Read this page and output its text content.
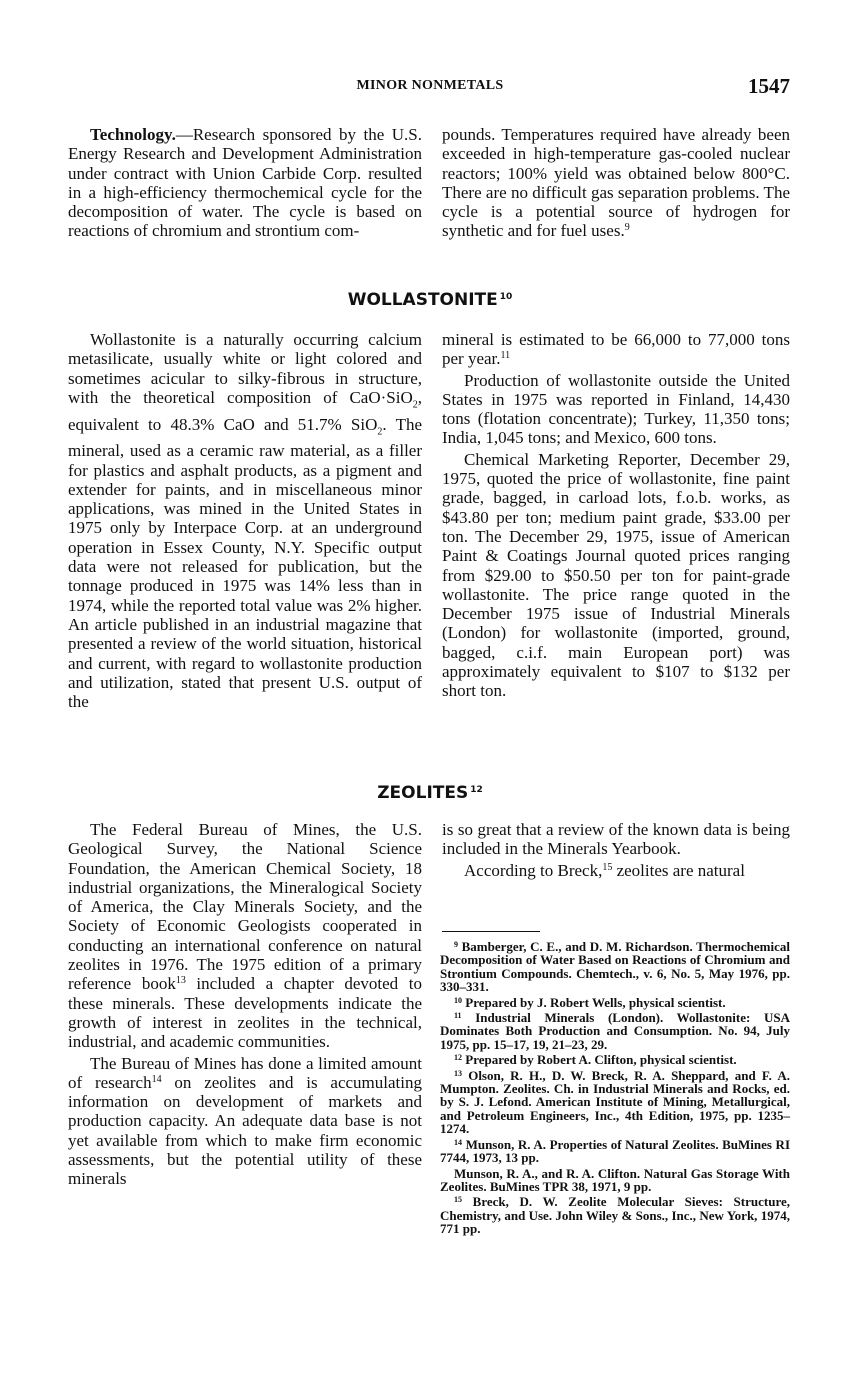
MINOR NONMETALS	1547

Technology.—Research sponsored by the U.S. Energy Research and Development Administration under contract with Union Carbide Corp. resulted in a high-efficiency thermochemical cycle for the decomposition of water. The cycle is based on reactions of chromium and strontium com-

pounds. Temperatures required have already been exceeded in high-temperature gas-cooled nuclear reactors; 100% yield was obtained below 800°C. There are no difficult gas separation problems. The cycle is a potential source of hydrogen for synthetic and for fuel uses.$^9$

WOLLASTONITE $^{10}$

Wollastonite is a naturally occurring calcium metasilicate, usually white or light colored and sometimes acicular to silky-fibrous in structure, with the theoretical composition of CaO·SiO$_2$, equivalent to 48.3% CaO and 51.7% SiO$_2$. The mineral, used as a ceramic raw material, as a filler for plastics and asphalt products, as a pigment and extender for paints, and in miscellaneous minor applications, was mined in the United States in 1975 only by Interpace Corp. at an underground operation in Essex County, N.Y. Specific output data were not released for publication, but the tonnage produced in 1975 was 14% less than in 1974, while the reported total value was 2% higher. An article published in an industrial magazine that presented a review of the world situation, historical and current, with regard to wollastonite production and utilization, stated that present U.S. output of the

mineral is estimated to be 66,000 to 77,000 tons per year.$^{11}$

Production of wollastonite outside the United States in 1975 was reported in Finland, 14,430 tons (flotation concentrate); Turkey, 11,350 tons; India, 1,045 tons; and Mexico, 600 tons.

Chemical Marketing Reporter, December 29, 1975, quoted the price of wollastonite, fine paint grade, bagged, in carload lots, f.o.b. works, as $43.80 per ton; medium paint grade, $33.00 per ton. The December 29, 1975, issue of American Paint & Coatings Journal quoted prices ranging from $29.00 to $50.50 per ton for paint-grade wollastonite. The price range quoted in the December 1975 issue of Industrial Minerals (London) for wollastonite (imported, ground, bagged, c.i.f. main European port) was approximately equivalent to $107 to $132 per short ton.

ZEOLITES $^{12}$

The Federal Bureau of Mines, the U.S. Geological Survey, the National Science Foundation, the American Chemical Society, 18 industrial organizations, the Mineralogical Society of America, the Clay Minerals Society, and the Society of Economic Geologists cooperated in conducting an international conference on natural zeolites in 1976. The 1975 edition of a primary reference book$^{13}$ included a chapter devoted to these minerals. These developments indicate the growth of interest in zeolites in the technical, industrial, and academic communities.

The Bureau of Mines has done a limited amount of research$^{14}$ on zeolites and is accumulating information on development of markets and production capacity. An adequate data base is not yet available from which to make firm economic assessments, but the potential utility of these minerals

is so great that a review of the known data is being included in the Minerals Yearbook.

According to Breck,$^{15}$ zeolites are natural

$^9$ Bamberger, C. E., and D. M. Richardson. Thermochemical Decomposition of Water Based on Reactions of Chromium and Strontium Compounds. Chemtech., v. 6, No. 5, May 1976, pp. 330–331.

$^{10}$ Prepared by J. Robert Wells, physical scientist.

$^{11}$ Industrial Minerals (London). Wollastonite: USA Dominates Both Production and Consumption. No. 94, July 1975, pp. 15–17, 19, 21–23, 29.

$^{12}$ Prepared by Robert A. Clifton, physical scientist.

$^{13}$ Olson, R. H., D. W. Breck, R. A. Sheppard, and F. A. Mumpton. Zeolites. Ch. in Industrial Minerals and Rocks, ed. by S. J. Lefond. American Institute of Mining, Metallurgical, and Petroleum Engineers, Inc., 4th Edition, 1975, pp. 1235–1274.

$^{14}$ Munson, R. A. Properties of Natural Zeolites. BuMines RI 7744, 1973, 13 pp.

Munson, R. A., and R. A. Clifton. Natural Gas Storage With Zeolites. BuMines TPR 38, 1971, 9 pp.

$^{15}$ Breck, D. W. Zeolite Molecular Sieves: Structure, Chemistry, and Use. John Wiley & Sons., Inc., New York, 1974, 771 pp.
